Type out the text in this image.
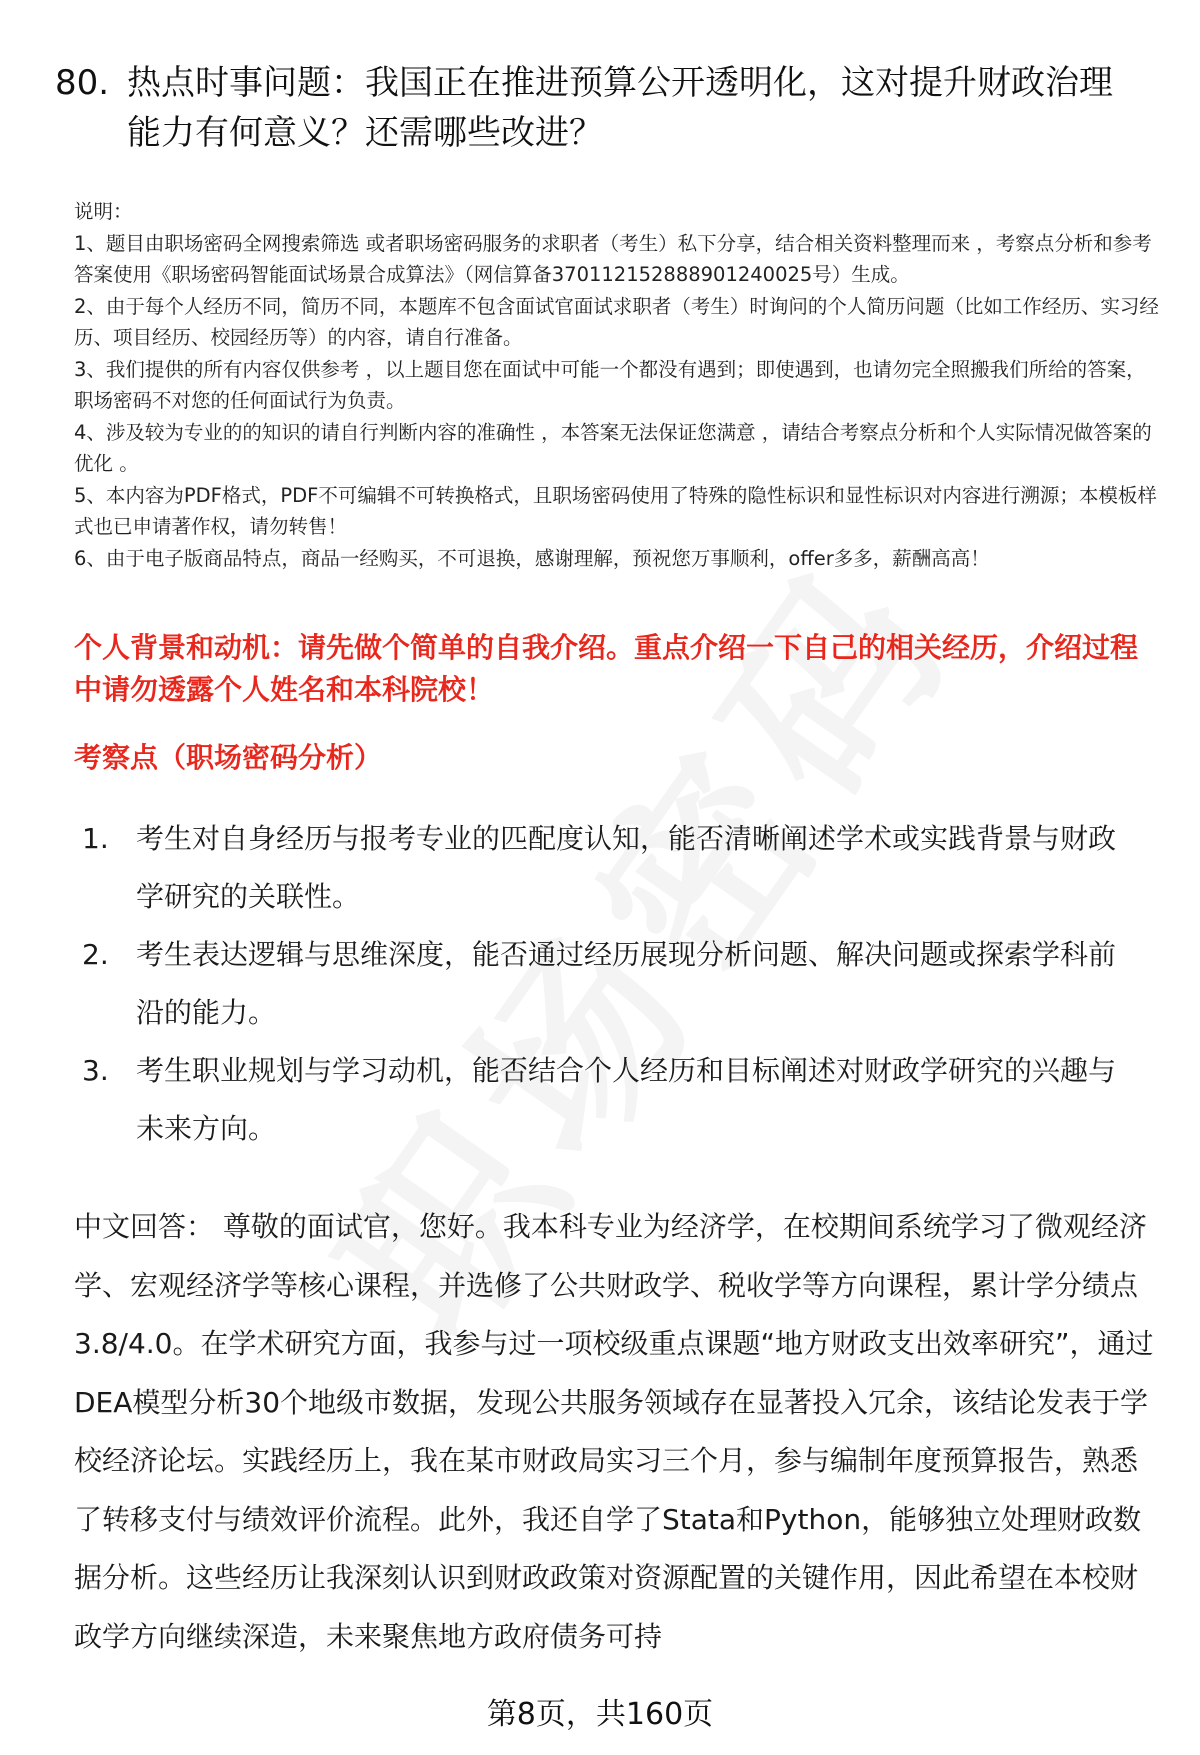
80. 热点时事问题：我国正在推进预算公开透明化，这对提升财政治理能力有何意义？还需哪些改进？

说明：

1、题目由职场密码全网搜索筛选 或者职场密码服务的求职者（考生）私下分享，结合相关资料整理而来 ，考察点分析和参考答案使用《职场密码智能面试场景合成算法》（网信算备370112152888901240025号）生成。

2、由于每个人经历不同，简历不同，本题库不包含面试官面试求职者（考生）时询问的个人简历问题（比如工作经历、实习经历、项目经历、校园经历等）的内容，请自行准备。

3、我们提供的所有内容仅供参考 ，以上题目您在面试中可能一个都没有遇到；即使遇到，也请勿完全照搬我们所给的答案，职场密码不对您的任何面试行为负责。

4、涉及较为专业的的知识的请自行判断内容的准确性 ，本答案无法保证您满意 ，请结合考察点分析和个人实际情况做答案的优化 。

5、本内容为PDF格式，PDF不可编辑不可转换格式，且职场密码使用了特殊的隐性标识和显性标识对内容进行溯源；本模板样式也已申请著作权，请勿转售！

6、由于电子版商品特点，商品一经购买，不可退换，感谢理解，预祝您万事顺利，offer多多，薪酬高高！

个人背景和动机：请先做个简单的自我介绍。重点介绍一下自己的相关经历，介绍过程中请勿透露个人姓名和本科院校！
考察点（职场密码分析）
1. 考生对自身经历与报考专业的匹配度认知，能否清晰阐述学术或实践背景与财政学研究的关联性。
2. 考生表达逻辑与思维深度，能否通过经历展现分析问题、解决问题或探索学科前沿的能力。
3. 考生职业规划与学习动机，能否结合个人经历和目标阐述对财政学研究的兴趣与未来方向。

中文回答： 尊敬的面试官，您好。我本科专业为经济学，在校期间系统学习了微观经济学、宏观经济学等核心课程，并选修了公共财政学、税收学等方向课程，累计学分绩点3.8/4.0。在学术研究方面，我参与过一项校级重点课题“地方财政支出效率研究”，通过DEA模型分析30个地级市数据，发现公共服务领域存在显著投入冗余，该结论发表于学校经济论坛。实践经历上，我在某市财政局实习三个月，参与编制年度预算报告，熟悉了转移支付与绩效评价流程。此外，我还自学了Stata和Python，能够独立处理财政数据分析。这些经历让我深刻认识到财政政策对资源配置的关键作用，因此希望在本校财政学方向继续深造，未来聚焦地方政府债务可持

第8页，共160页
